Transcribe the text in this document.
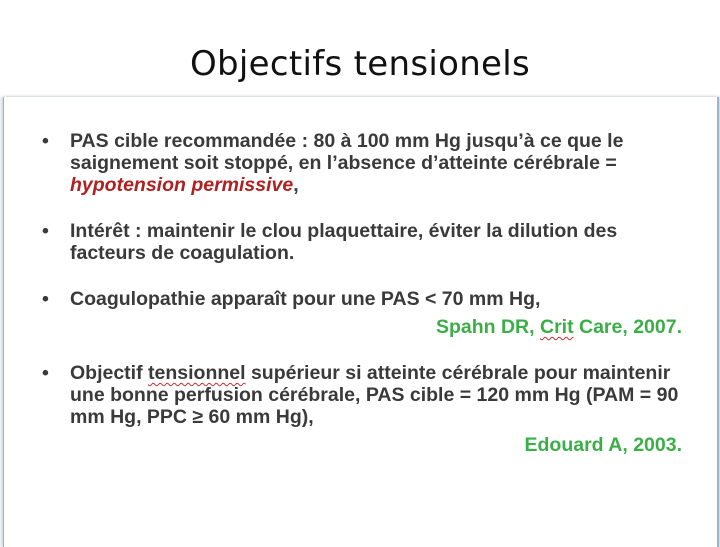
Objectifs tensionels
• PAS cible recommandée : 80 à 100 mm Hg jusqu’à ce que le saignement soit stoppé, en l’absence d’atteinte cérébrale = hypotension permissive,
• Intérêt : maintenir le clou plaquettaire, éviter la dilution des facteurs de coagulation.
• Coagulopathie apparaît pour une PAS < 70 mm Hg,
Spahn DR, Crit Care, 2007.
• Objectif tensionnel supérieur si atteinte cérébrale pour maintenir une bonne perfusion cérébrale, PAS cible = 120 mm Hg (PAM = 90 mm Hg, PPC ≥ 60 mm Hg),
Edouard A, 2003.
